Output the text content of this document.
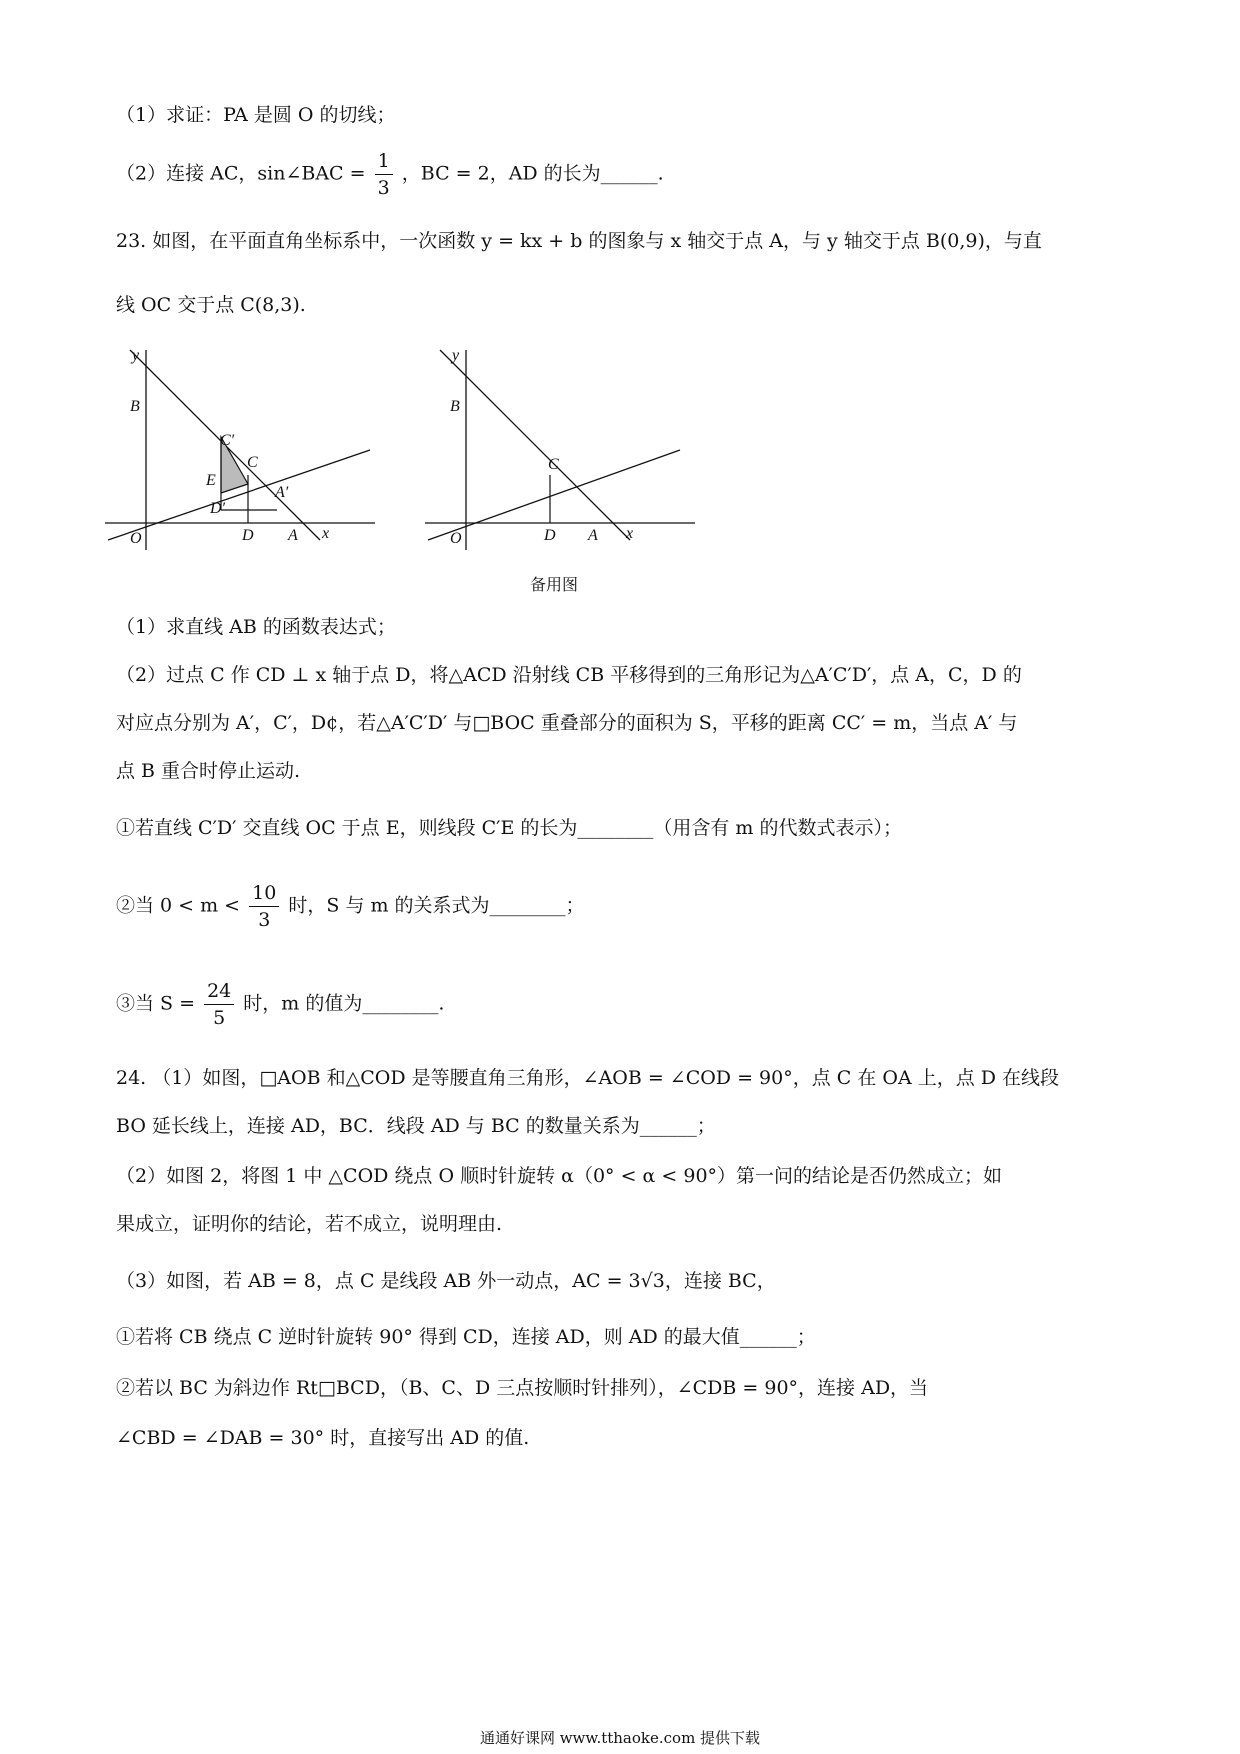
（1）求证：PA 是圆 O 的切线；
（2）连接 AC，sin∠BAC = $\frac{1}{3}$ ，BC = 2，AD 的长为______.
23. 如图，在平面直角坐标系中，一次函数 y = kx + b 的图象与 x 轴交于点 A，与 y 轴交于点 B(0,9)，与直
线 OC 交于点 C(8,3).
y
B
C′
C
E
A′
D′
O	D A x
y
B
C
O	D A x
备用图
（1）求直线 AB 的函数表达式；
（2）过点 C 作 CD ⊥ x 轴于点 D，将△ACD 沿射线 CB 平移得到的三角形记为△A′C′D′，点 A，C，D 的
对应点分别为 A′，C′，D¢，若△A′C′D′ 与□BOC 重叠部分的面积为 S，平移的距离 CC′ = m，当点 A′ 与
点 B 重合时停止运动.
①若直线 C′D′ 交直线 OC 于点 E，则线段 C′E 的长为________（用含有 m 的代数式表示）；
②当 $0 < m < \frac{10}{3}$ 时，S 与 m 的关系式为________；
③当 $S = \frac{24}{5}$ 时，m 的值为________.
24. （1）如图，□AOB 和△COD 是等腰直角三角形，∠AOB = ∠COD = 90°，点 C 在 OA 上，点 D 在线段
BO 延长线上，连接 AD，BC．线段 AD 与 BC 的数量关系为______；
（2）如图 2，将图 1 中 △COD 绕点 O 顺时针旋转 α（0° < α < 90°）第一问的结论是否仍然成立；如
果成立，证明你的结论，若不成立，说明理由.
（3）如图，若 AB = 8，点 C 是线段 AB 外一动点，AC = 3√3，连接 BC，
①若将 CB 绕点 C 逆时针旋转 90° 得到 CD，连接 AD，则 AD 的最大值______；
②若以 BC 为斜边作 Rt□BCD，（B、C、D 三点按顺时针排列），∠CDB = 90°，连接 AD，当
∠CBD = ∠DAB = 30° 时，直接写出 AD 的值.
通通好课网 www.tthaoke.com 提供下载
